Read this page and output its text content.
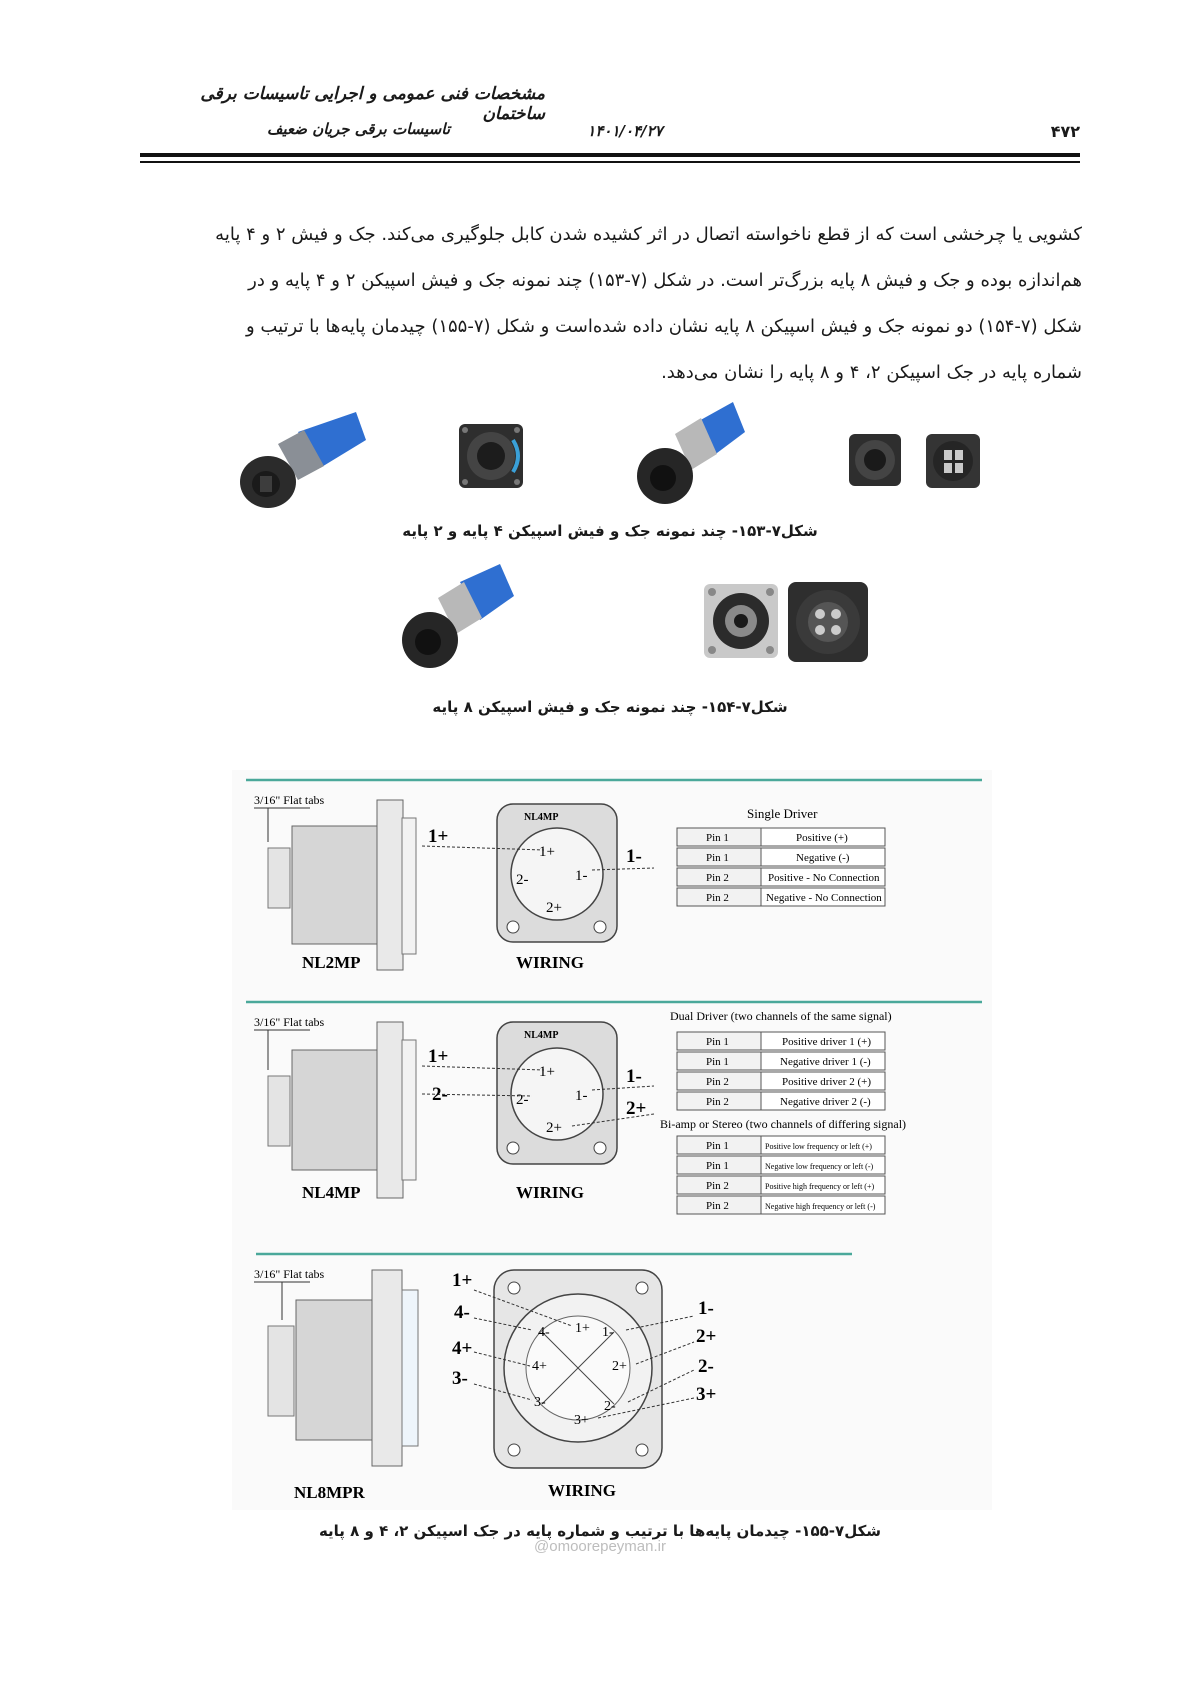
مشخصات فنی عمومی و اجرایی تاسیسات برقی ساختمان
تاسیسات برقی جریان ضعیف	۱۴۰۱/۰۴/۲۷	۴۷۲
کشویی یا چرخشی است که از قطع ناخواسته اتصال در اثر کشیده شدن کابل جلوگیری می‌کند. جک و فیش ۲ و ۴ پایه
هم‌اندازه بوده و جک و فیش ۸ پایه بزرگ‌تر است. در شکل (۷-۱۵۳) چند نمونه جک و فیش اسپیکن ۲ و ۴ پایه و در
شکل (۷-۱۵۴) دو نمونه جک و فیش اسپیکن ۸ پایه نشان داده شده‌است و شکل (۷-۱۵۵) چیدمان پایه‌ها با ترتیب و
شماره پایه در جک اسپیکن ۲، ۴ و ۸ پایه را نشان می‌دهد.
شکل۷-۱۵۳- چند نمونه جک و فیش اسپیکن ۴ پایه و ۲ پایه
شکل۷-۱۵۴- چند نمونه جک و فیش اسپیکن ۸ پایه
3/16" Flat tabs
NL2MP
NL4MP
1+
1-
2-
2+
1+
1-
WIRING
Single Driver
Pin 1	Positive (+)
Pin 1	Negative (-)
Pin 2	Positive - No Connection
Pin 2	Negative - No Connection
3/16" Flat tabs
NL4MP
NL4MP
1+
1-
2-
2+
1+
2-
1-
2+
WIRING
Dual Driver (two channels of the same signal)
Pin 1	Positive driver 1 (+)
Pin 1	Negative driver 1 (-)
Pin 2	Positive driver 2 (+)
Pin 2	Negative driver 2 (-)
Bi-amp or Stereo (two channels of differing signal)
Pin 1	Positive low frequency or left (+)
Pin 1	Negative low frequency or left (-)
Pin 2	Positive high frequency or left (+)
Pin 2	Negative high frequency or left (-)
3/16" Flat tabs
NL8MPR
1+ 1-
4-
2+
4+
2-
3-
3+
1+
4-
4+
3-
1-
2+
2-
3+
WIRING
شکل۷-۱۵۵- چیدمان پایه‌ها با ترتیب و شماره پایه در جک اسپیکن ۲، ۴ و ۸ پایه
@omoorepeyman.ir
